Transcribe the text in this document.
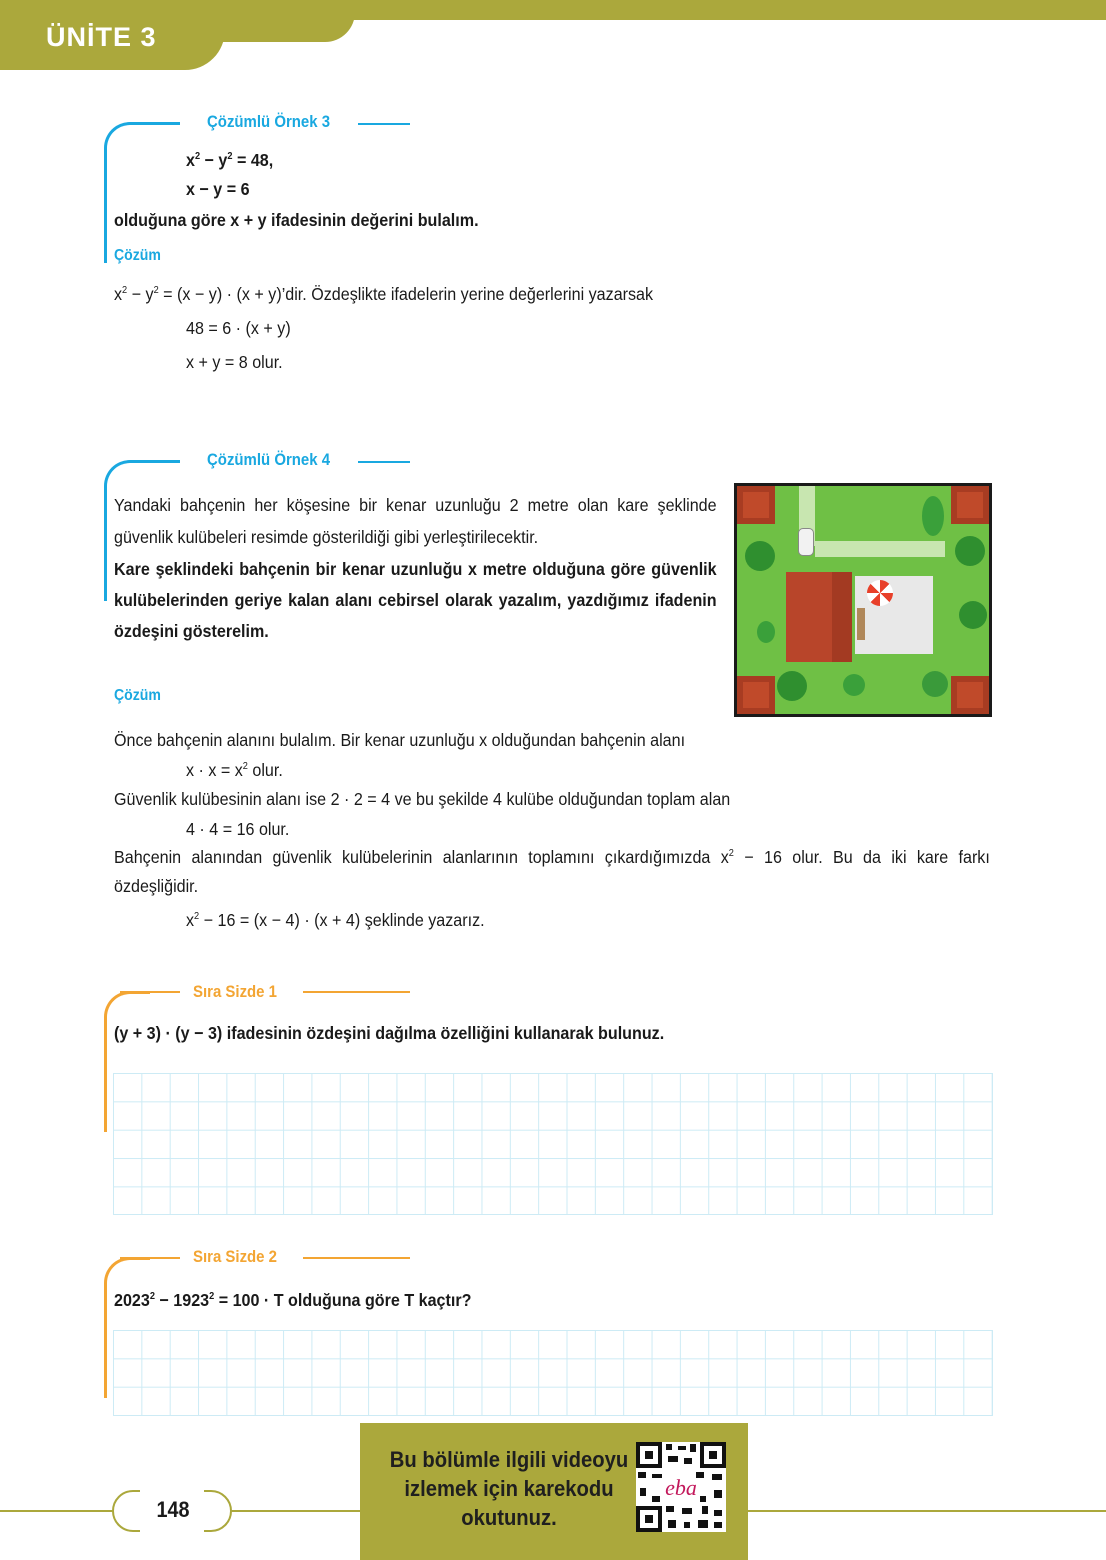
ÜNİTE 3
Çözümlü Örnek 3
$x^2 - y^2 = 48$,
x − y = 6
olduğuna göre x + y ifadesinin değerini bulalım.
Çözüm
$x^2 - y^2 = (x - y) \cdot (x$ + y)’dir. Özdeşlikte ifadelerin yerine değerlerini yazarsak
48 = 6 · (x + y)
x + y = 8 olur.
Çözümlü Örnek 4
Yandaki bahçenin her köşesine bir kenar uzunluğu 2 metre olan kare şeklinde güvenlik kulübeleri resimde gösterildiği gibi yerleştirilecektir.
Kare şeklindeki bahçenin bir kenar uzunluğu x metre olduğuna göre güvenlik kulübelerinden geriye kalan alanı cebirsel olarak yazalım, yazdığımız ifadenin özdeşini gösterelim.
Çözüm
Önce bahçenin alanını bulalım. Bir kenar uzunluğu x olduğundan bahçenin alanı
$x \cdot x = x^2$ olur.
Güvenlik kulübesinin alanı ise 2 · 2 = 4 ve bu şekilde 4 kulübe olduğundan toplam alan
4 · 4 = 16 olur.
Bahçenin alanından güvenlik kulübelerinin alanlarının toplamını çıkardığımızda $x^2 - 16$ olur. Bu da iki kare farkı özdeşliğidir.
$x^2 - 16 = (x - 4) \cdot (x + 4)$ şeklinde yazarız.
Sıra Sizde 1
(y + 3) · (y − 3) ifadesinin özdeşini dağılma özelliğini kullanarak bulunuz.
Sıra Sizde 2
$2023^2 - 1923^2 = 100 \cdot T$ olduğuna göre T kaçtır?
148
Bu bölümle ilgili videoyu izlemek için karekodu okutunuz.
eba
